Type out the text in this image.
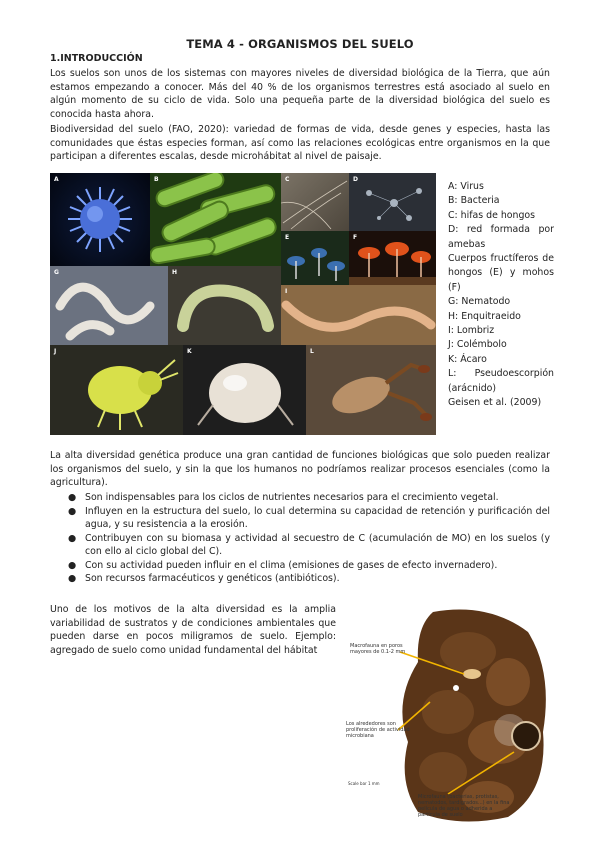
TEMA 4 - ORGANISMOS DEL SUELO
1.INTRODUCCIÓN

Los suelos son unos de los sistemas con mayores niveles de diversidad biológica de la Tierra, que aún estamos empezando a conocer. Más del 40 % de los organismos terrestres está asociado al suelo en algún momento de su ciclo de vida. Solo una pequeña parte de la diversidad biológica del suelo es conocida hasta ahora.

Biodiversidad del suelo (FAO, 2020): variedad de formas de vida, desde genes y especies, hasta las comunidades que éstas especies forman, así como las relaciones ecológicas entre organismos en la que participan a diferentes escalas, desde microhábitat al nivel de paisaje.

A	B	C	D
E	F
G	H
I
J	K	L
A: Virus
B: Bacteria
C: hifas de hongos
D: red formada por amebas
Cuerpos fructíferos de hongos (E) y mohos (F)
G: Nematodo
H: Enquitraeido
I: Lombriz
J: Colémbolo
K: Ácaro
L: Pseudoescorpión (arácnido)
Geisen et al. (2009)

La alta diversidad genética produce una gran cantidad de funciones biológicas que solo pueden realizar los organismos del suelo, y sin la que los humanos no podríamos realizar procesos esenciales (como la agricultura).

● Son indispensables para los ciclos de nutrientes necesarios para el crecimiento vegetal.
● Influyen en la estructura del suelo, lo cual determina su capacidad de retención y purificación del agua, y su resistencia a la erosión.
● Contribuyen con su biomasa y actividad al secuestro de C (acumulación de MO) en los suelos (y con ello al ciclo global del C).
● Con su actividad pueden influir en el clima (emisiones de gases de efecto invernadero).
● Son recursos farmacéuticos y genéticos (antibióticos).

Uno de los motivos de la alta diversidad es la amplia variabilidad de sustratos y de condiciones ambientales que pueden darse en pocos miligramos de suelo. Ejemplo: agregado de suelo como unidad fundamental del hábitat	Macrofauna en poros mayores de 0.1-2 mm
Los alrededores son proliferación de actividad microbiana
Scale bar 1 mm
Microfauna (bacterias, protistas, nematodos, tardígrados...) en la fina película de agua o adherida a partícula de suelo
